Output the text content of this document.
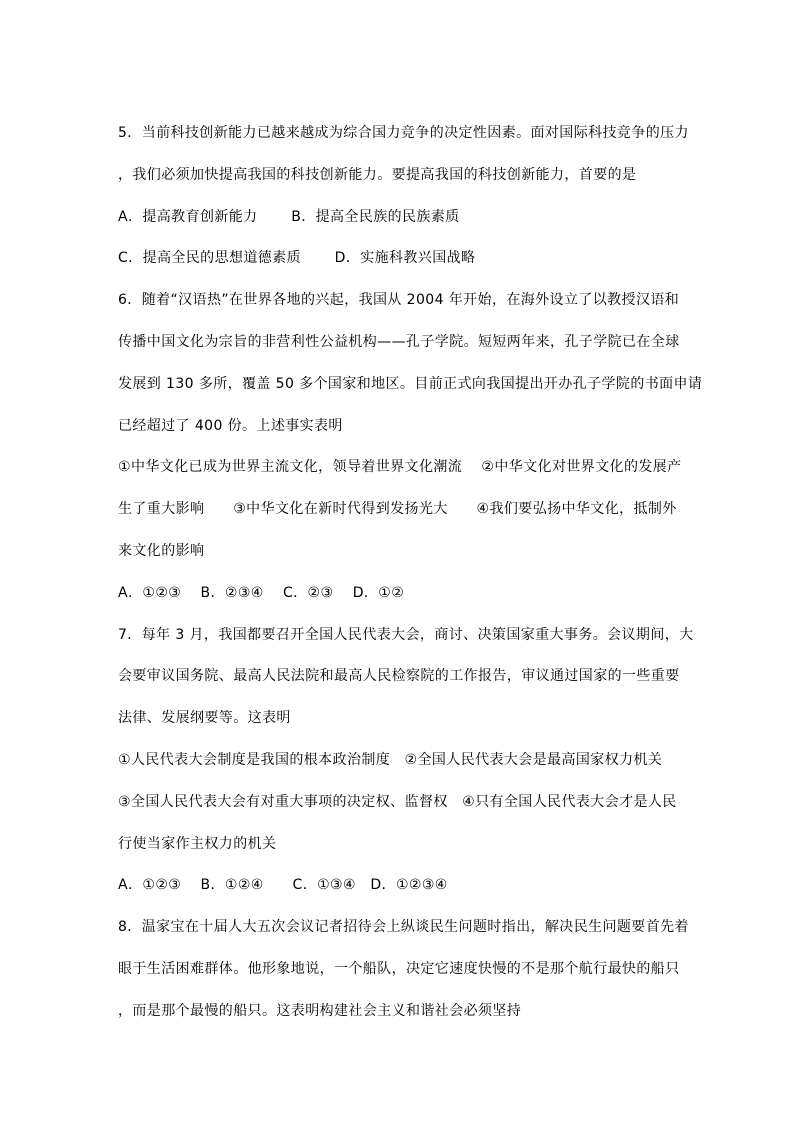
5．当前科技创新能力已越来越成为综合国力竞争的决定性因素。面对国际科技竞争的压力
，我们必须加快提高我国的科技创新能力。要提高我国的科技创新能力，首要的是
A．提高教育创新能力　　 B．提高全民族的民族素质
C．提高全民的思想道德素质　　 D．实施科教兴国战略
6．随着“汉语热”在世界各地的兴起，我国从 2004 年开始，在海外设立了以教授汉语和
传播中国文化为宗旨的非营利性公益机构——孔子学院。短短两年来，孔子学院已在全球
发展到 130 多所，覆盖 50 多个国家和地区。目前正式向我国提出开办孔子学院的书面申请
已经超过了 400 份。上述事实表明
①中华文化已成为世界主流文化，领导着世界文化潮流　 ②中华文化对世界文化的发展产
生了重大影响　　③中华文化在新时代得到发扬光大　　④我们要弘扬中华文化，抵制外
来文化的影响
A．①②③　 B．②③④　 C．②③　 D．①②
7．每年 3 月，我国都要召开全国人民代表大会，商讨、决策国家重大事务。会议期间，大
会要审议国务院、最高人民法院和最高人民检察院的工作报告，审议通过国家的一些重要
法律、发展纲要等。这表明
①人民代表大会制度是我国的根本政治制度　②全国人民代表大会是最高国家权力机关
③全国人民代表大会有对重大事项的决定权、监督权　④只有全国人民代表大会才是人民
行使当家作主权力的机关
A．①②③　 B．①②④　　C．①③④　D．①②③④
8．温家宝在十届人大五次会议记者招待会上纵谈民生问题时指出，解决民生问题要首先着
眼于生活困难群体。他形象地说，一个船队，决定它速度快慢的不是那个航行最快的船只
，而是那个最慢的船只。这表明构建社会主义和谐社会必须坚持
